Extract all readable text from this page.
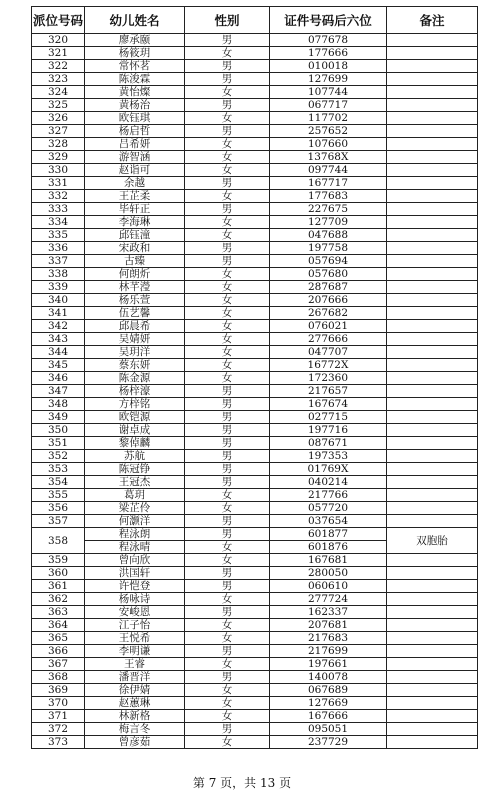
派位号码	幼儿姓名	性别	证件号码后六位	备注
320	廖承颐	男	077678	
321	杨筱玥	女	177666	
322	常怀茗	男	010018	
323	陈浚霖	男	127699	
324	黄怡燦	女	107744	
325	黄杨治	男	067717	
326	欧钰琪	女	117702	
327	杨启哲	男	257652	
328	吕希妍	女	107660	
329	游智涵	女	13768X	
330	赵诣可	女	097744	
331	余越	男	167717	
332	王芷柔	女	177683	
333	毕轩正	男	227675	
334	李海琳	女	127709	
335	邱钰潼	女	047688	
336	宋政和	男	197758	
337	古臻	男	057694	
338	何朗炘	女	057680	
339	林芊瀅	女	287687	
340	杨乐萱	女	207666	
341	伍艺馨	女	267682	
342	邱晨希	女	076021	
343	吴婧妍	女	277666	
344	吴玥洋	女	047707	
345	蔡东妍	女	16772X	
346	陈金源	女	172360	
347	杨梓濠	男	217657	
348	方梓铭	男	167674	
349	欧铠源	男	027715	
350	谢卓成	男	197716	
351	黎倬麟	男	087671	
352	苏航	男	197353	
353	陈冠铮	男	01769X	
354	王冠杰	男	040214	
355	葛玥	女	217766	
356	梁芷伶	女	057720	
357	何灏洋	男	037654	
358	程泳朗	男	601877	双胞胎
	程泳晴	女	601876	
359	曾向欣	女	167681	
360	洪国轩	男	280050	
361	许恺登	男	060610	
362	杨咏诗	女	277724	
363	安峻恩	男	162337	
364	江子怡	女	207681	
365	王悦希	女	217683	
366	李明谦	男	217699	
367	王睿	女	197661	
368	潘晋洋	男	140078	
369	徐伊婧	女	067689	
370	赵蕙琳	女	127669	
371	林新格	女	167666	
372	梅言冬	男	095051	
373	曾彦茹	女	237729	
第 7 页，共 13 页
